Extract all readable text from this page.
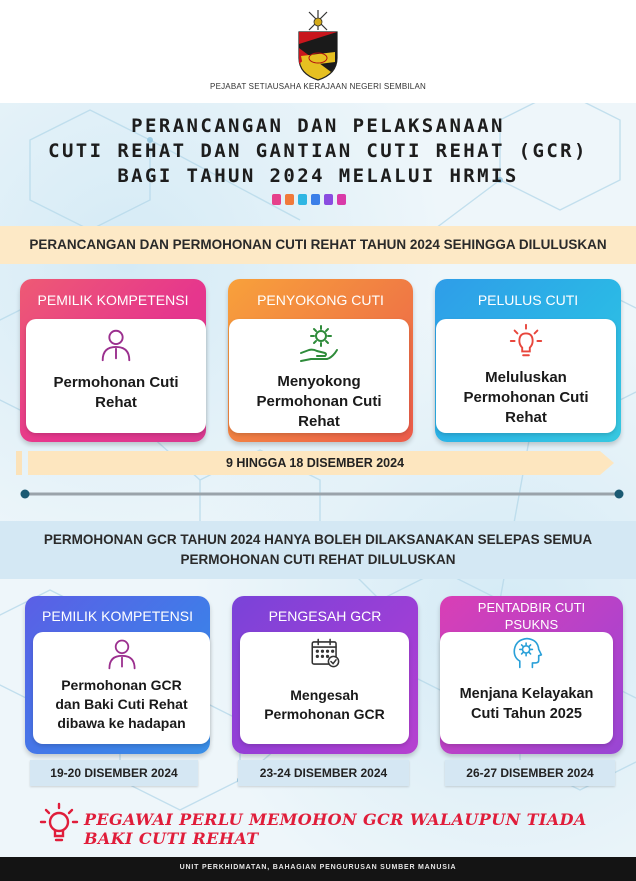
PEJABAT SETIAUSAHA KERAJAAN NEGERI SEMBILAN
PERANCANGAN DAN PELAKSANAAN
CUTI REHAT DAN GANTIAN CUTI REHAT (GCR)
BAGI TAHUN 2024 MELALUI HRMIS
PERANCANGAN DAN PERMOHONAN CUTI REHAT TAHUN 2024 SEHINGGA DILULUSKAN
PEMILIK KOMPETENSI
Permohonan Cuti
Rehat
PENYOKONG CUTI
Menyokong
Permohonan Cuti
Rehat
PELULUS CUTI
Meluluskan
Permohonan Cuti
Rehat
9 HINGGA 18 DISEMBER 2024
PERMOHONAN GCR TAHUN 2024 HANYA BOLEH DILAKSANAKAN SELEPAS SEMUA
PERMOHONAN CUTI REHAT DILULUSKAN
PEMILIK KOMPETENSI
Permohonan GCR
dan Baki Cuti Rehat
dibawa ke hadapan
PENGESAH GCR
Mengesah
Permohonan GCR
PENTADBIR CUTI
PSUKNS
Menjana Kelayakan
Cuti Tahun 2025
19-20 DISEMBER 2024	23-24 DISEMBER 2024	26-27 DISEMBER 2024
PEGAWAI PERLU MEMOHON GCR WALAUPUN TIADA BAKI CUTI REHAT
UNIT PERKHIDMATAN, BAHAGIAN PENGURUSAN SUMBER MANUSIA
